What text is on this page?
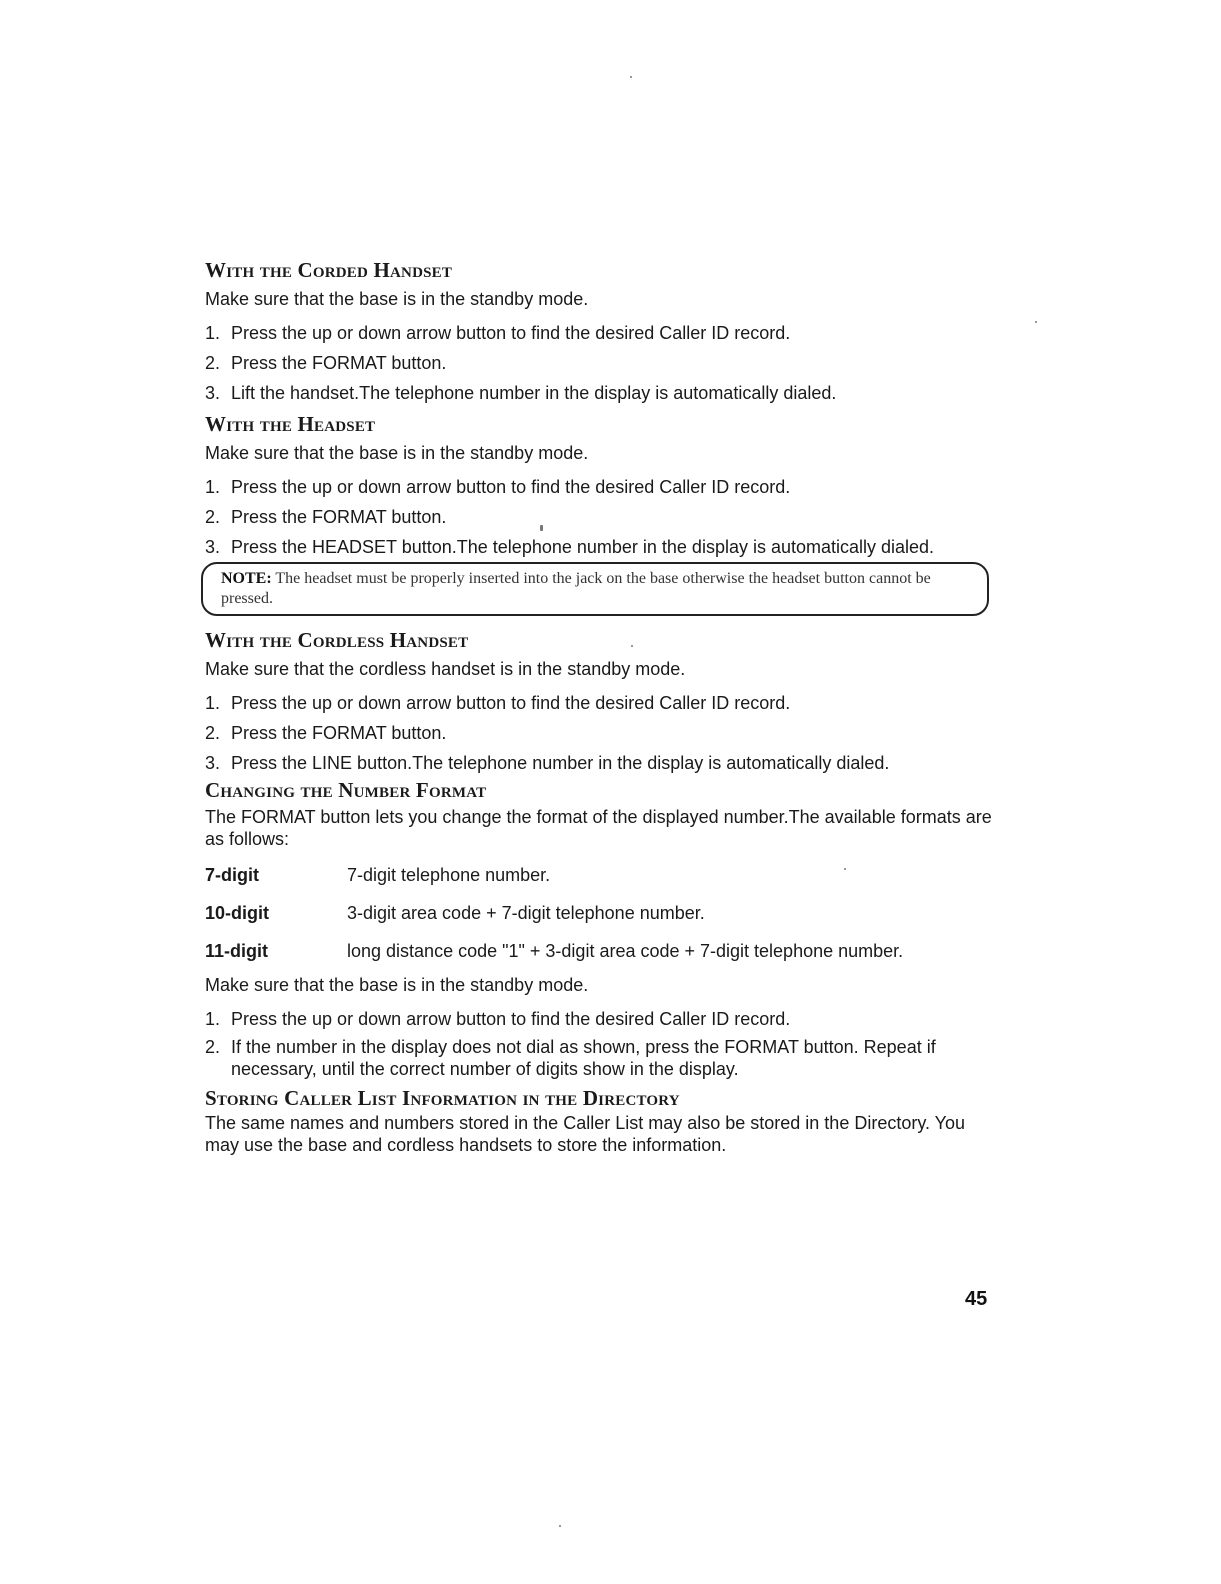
With the Corded Handset

Make sure that the base is in the standby mode.

1. Press the up or down arrow button to find the desired Caller ID record.
2. Press the FORMAT button.
3. Lift the handset.The telephone number in the display is automatically dialed.
With the Headset

Make sure that the base is in the standby mode.

1. Press the up or down arrow button to find the desired Caller ID record.
2. Press the FORMAT button.
3. Press the HEADSET button.The telephone number in the display is automatically dialed.
NOTE: The headset must be properly inserted into the jack on the base otherwise the headset button cannot be pressed.
With the Cordless Handset

Make sure that the cordless handset is in the standby mode.

1. Press the up or down arrow button to find the desired Caller ID record.
2. Press the FORMAT button.
3. Press the LINE button.The telephone number in the display is automatically dialed.
Changing the Number Format

The FORMAT button lets you change the format of the displayed number.The available formats are as follows:

7-digit	7-digit telephone number.
10-digit	3-digit area code + 7-digit telephone number.
11-digit	long distance code "1" + 3-digit area code + 7-digit telephone number.

Make sure that the base is in the standby mode.

1. Press the up or down arrow button to find the desired Caller ID record.
2. If the number in the display does not dial as shown, press the FORMAT button. Repeat if necessary, until the correct number of digits show in the display.
Storing Caller List Information in the Directory

The same names and numbers stored in the Caller List may also be stored in the Directory. You may use the base and cordless handsets to store the information.

45
